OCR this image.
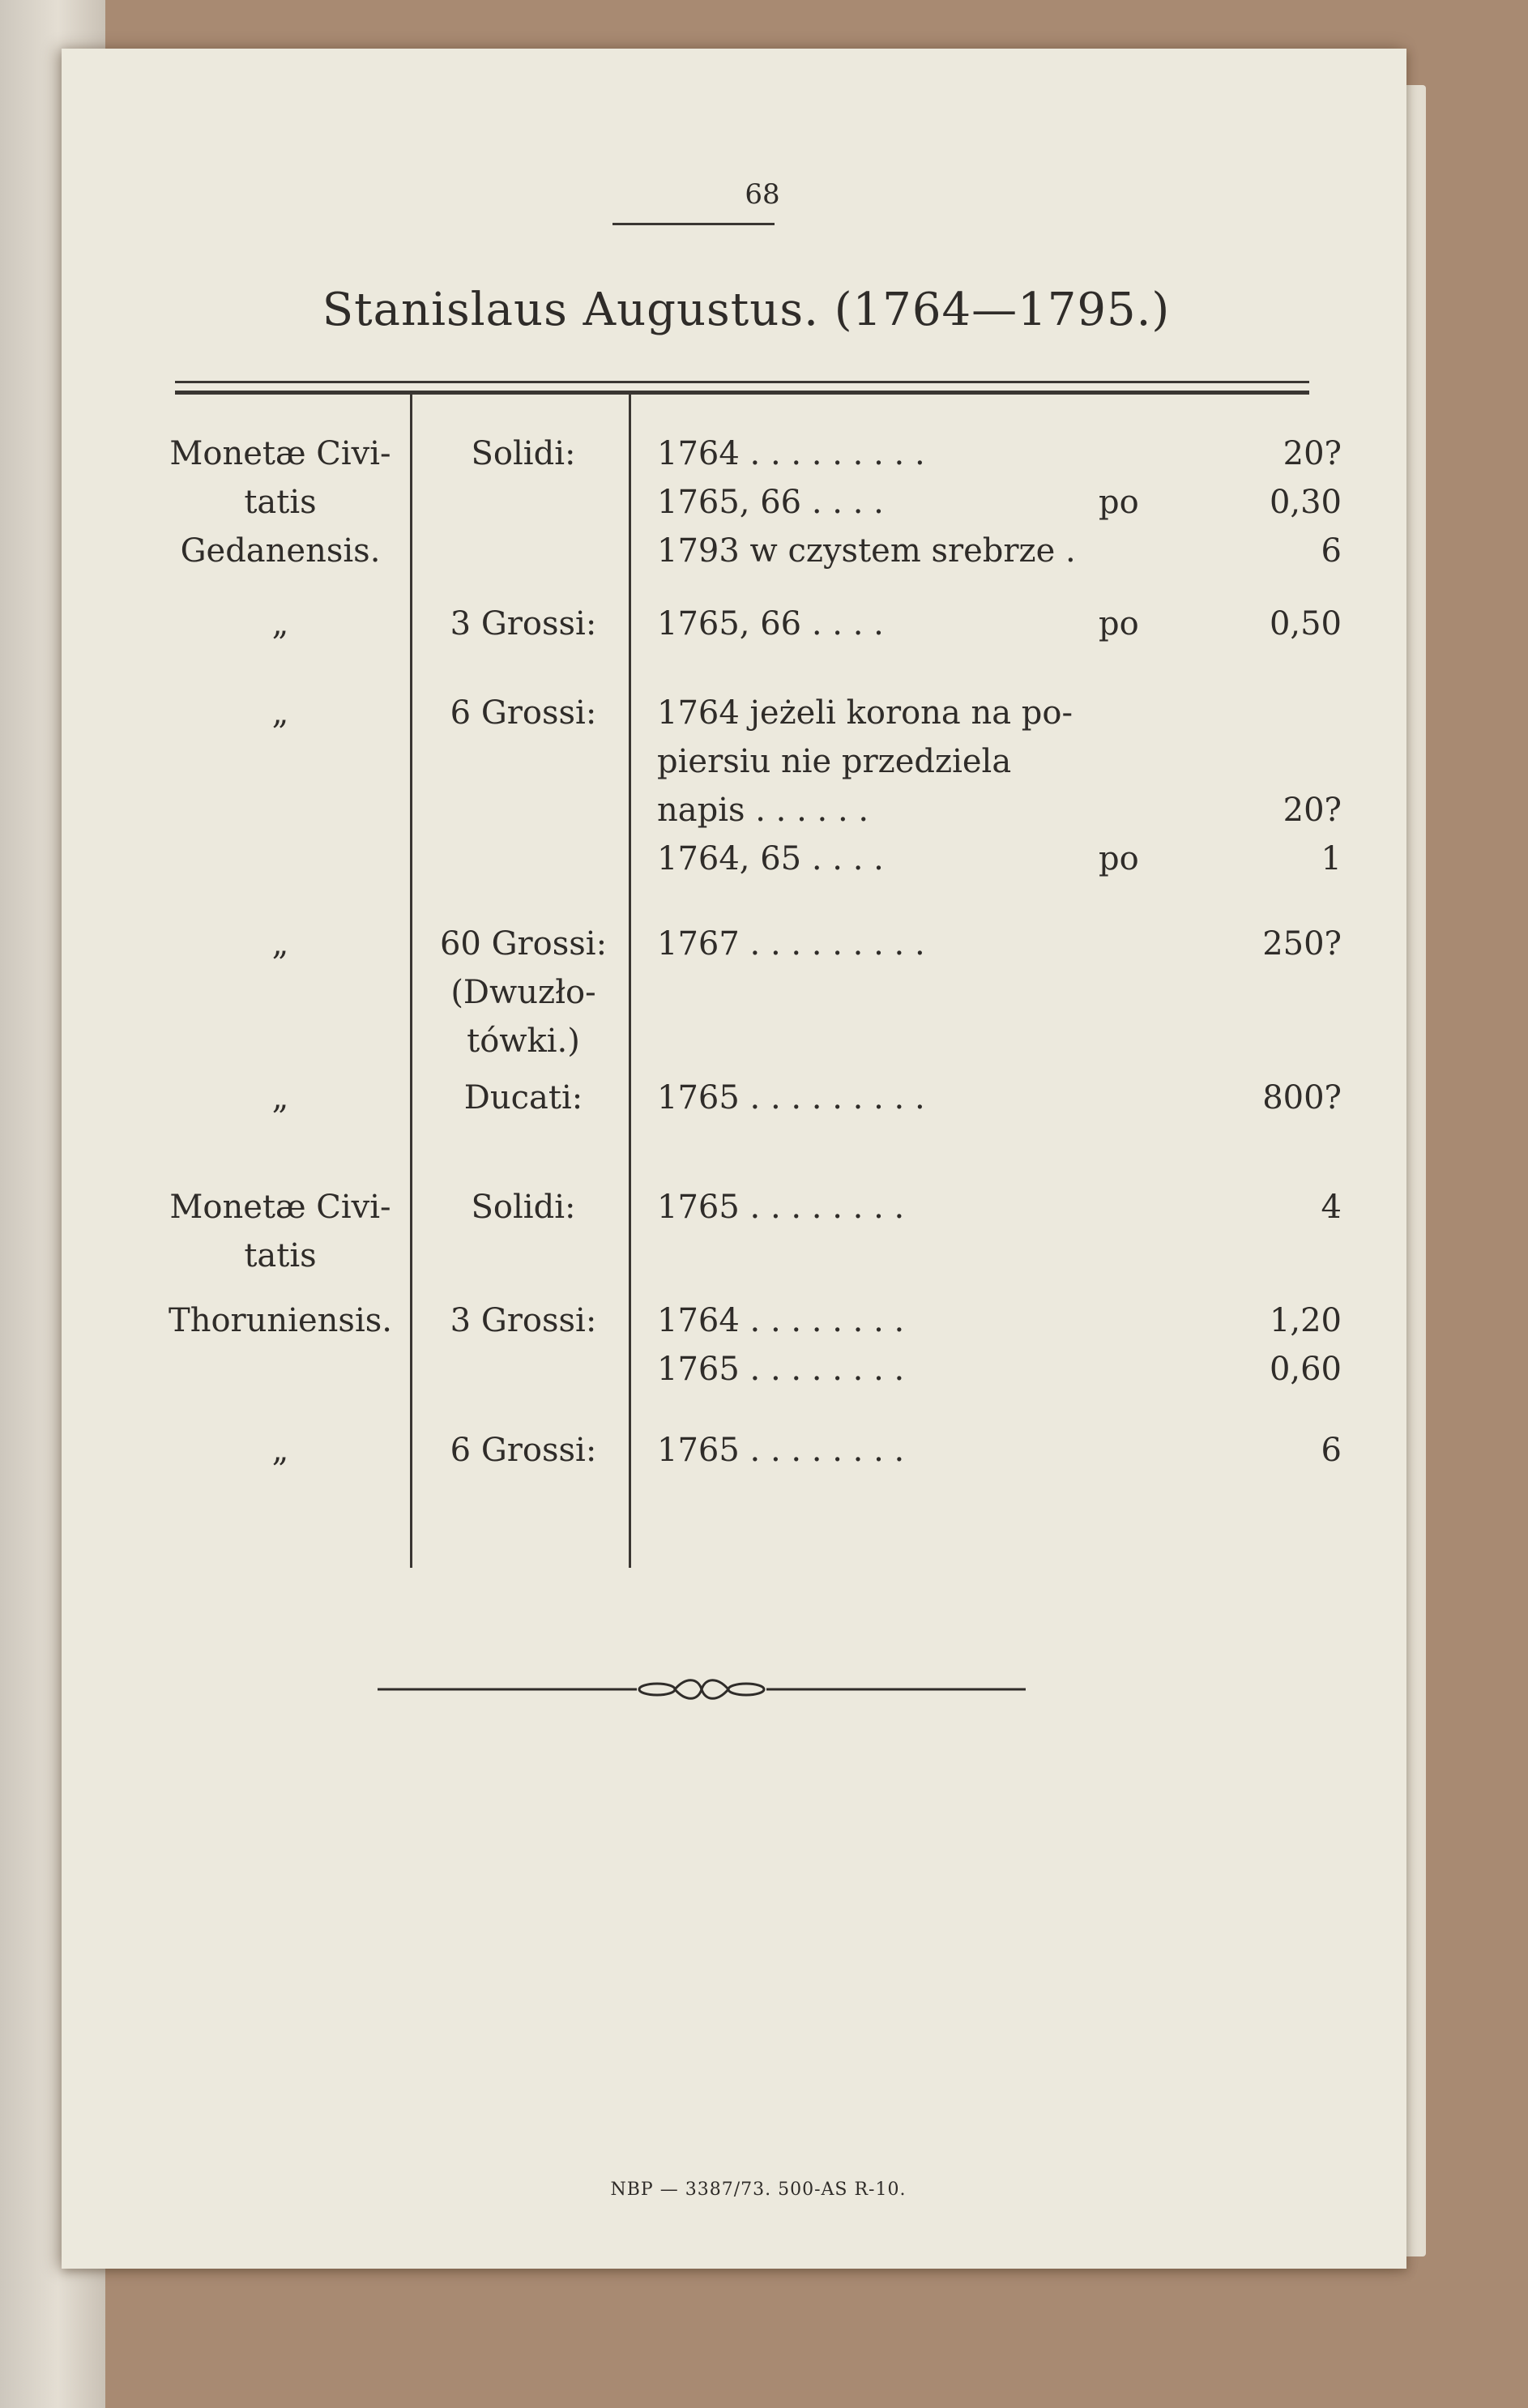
68
Stanislaus Augustus. (1764—1795.)
Monetæ Civi-	Solidi:	1764 . . . . . . . . .	20?
tatis	1765, 66 . . . .	po	0,30
Gedanensis.	1793 w czystem srebrze .	6
„	3 Grossi:	1765, 66 . . . .	po	0,50
„	6 Grossi:	1764 jeżeli korona na po-
piersiu nie przedziela
napis . . . . . .	20?
1764, 65 . . . .	po	1
„	60 Grossi:	1767 . . . . . . . . .	250?
(Dwuzło-
tówki.)
„	Ducati:	1765 . . . . . . . . .	800?
Monetæ Civi-	Solidi:	1765 . . . . . . . .	4
tatis
Thoruniensis.	3 Grossi:	1764 . . . . . . . .	1,20
1765 . . . . . . . .	0,60
„	6 Grossi:	1765 . . . . . . . .	6
NBP — 3387/73. 500-AS R-10.
